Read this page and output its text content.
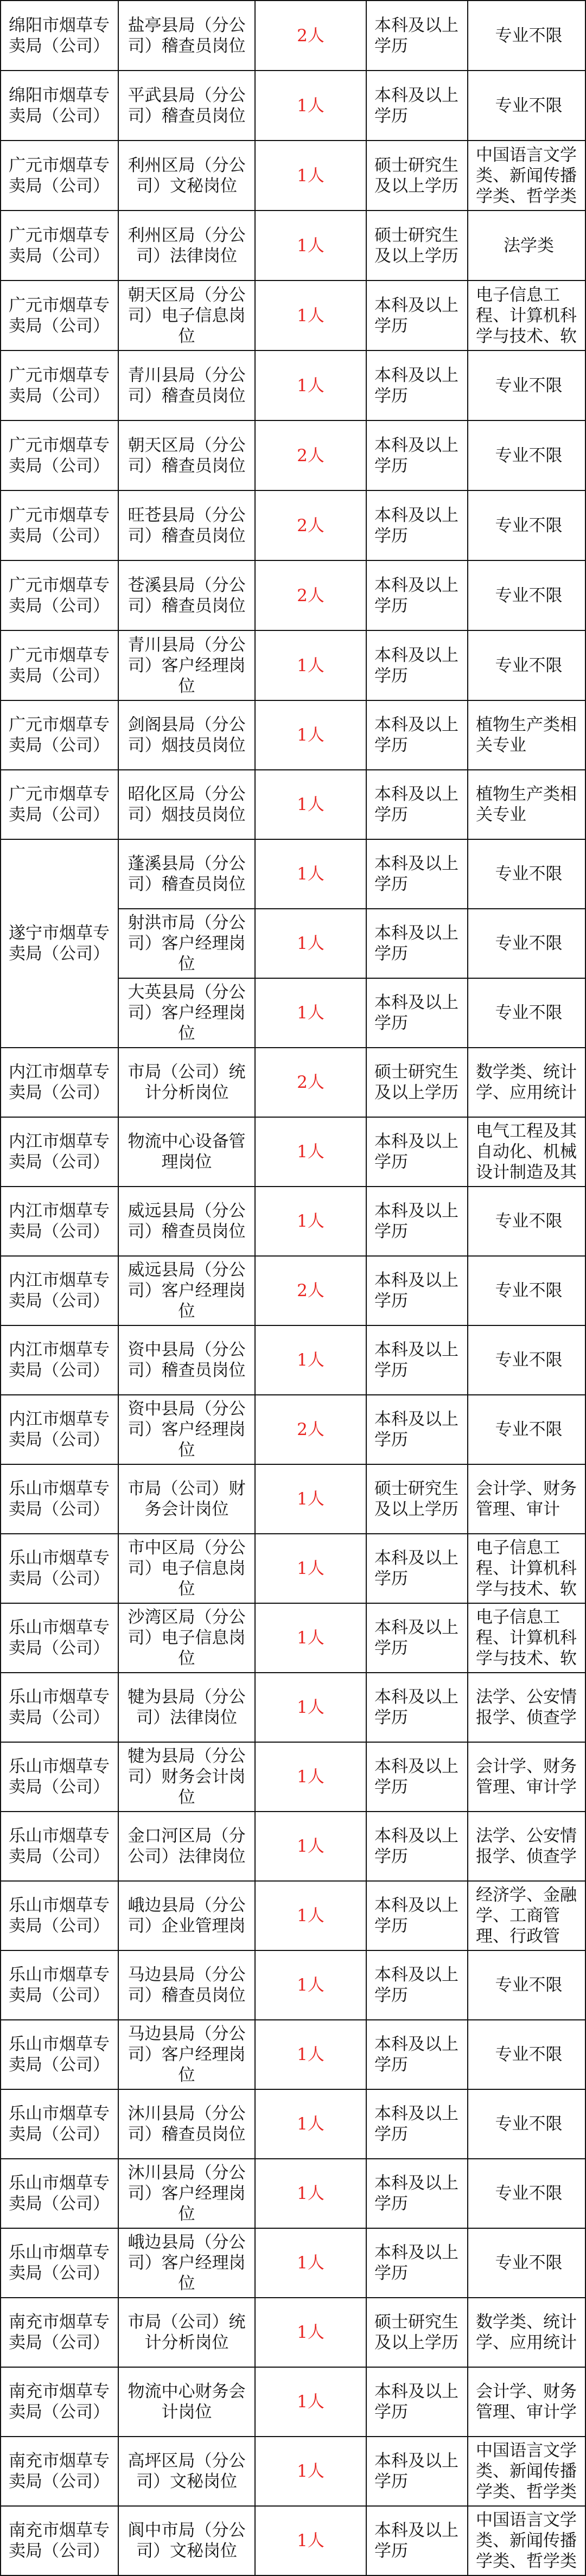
绵阳市烟草专卖局（公司）	盐亭县局（分公司）稽查员岗位	2人	本科及以上学历	专业不限

绵阳市烟草专卖局（公司）	平武县局（分公司）稽查员岗位	1人	本科及以上学历	专业不限

广元市烟草专卖局（公司）	利州区局（分公司）文秘岗位	1人	硕士研究生及以上学历	中国语言文学类、新闻传播学类、哲学类

广元市烟草专卖局（公司）	利州区局（分公司）法律岗位	1人	硕士研究生及以上学历	法学类

广元市烟草专卖局（公司）	朝天区局（分公司）电子信息岗位	1人	本科及以上学历	电子信息工程、计算机科学与技术、软

广元市烟草专卖局（公司）	青川县局（分公司）稽查员岗位	1人	本科及以上学历	专业不限

广元市烟草专卖局（公司）	朝天区局（分公司）稽查员岗位	2人	本科及以上学历	专业不限

广元市烟草专卖局（公司）	旺苍县局（分公司）稽查员岗位	2人	本科及以上学历	专业不限

广元市烟草专卖局（公司）	苍溪县局（分公司）稽查员岗位	2人	本科及以上学历	专业不限

广元市烟草专卖局（公司）	青川县局（分公司）客户经理岗位	1人	本科及以上学历	专业不限

广元市烟草专卖局（公司）	剑阁县局（分公司）烟技员岗位	1人	本科及以上学历	植物生产类相关专业

广元市烟草专卖局（公司）	昭化区局（分公司）烟技员岗位	1人	本科及以上学历	植物生产类相关专业

遂宁市烟草专卖局（公司）	蓬溪县局（分公司）稽查员岗位	1人	本科及以上学历	专业不限

	射洪市局（分公司）客户经理岗位	1人	本科及以上学历	专业不限

	大英县局（分公司）客户经理岗位	1人	本科及以上学历	专业不限

内江市烟草专卖局（公司）	市局（公司）统计分析岗位	2人	硕士研究生及以上学历	数学类、统计学、应用统计

内江市烟草专卖局（公司）	物流中心设备管理岗位	1人	本科及以上学历	电气工程及其自动化、机械设计制造及其

内江市烟草专卖局（公司）	威远县局（分公司）稽查员岗位	1人	本科及以上学历	专业不限

内江市烟草专卖局（公司）	威远县局（分公司）客户经理岗位	2人	本科及以上学历	专业不限

内江市烟草专卖局（公司）	资中县局（分公司）稽查员岗位	1人	本科及以上学历	专业不限

内江市烟草专卖局（公司）	资中县局（分公司）客户经理岗位	2人	本科及以上学历	专业不限

乐山市烟草专卖局（公司）	市局（公司）财务会计岗位	1人	硕士研究生及以上学历	会计学、财务管理、审计

乐山市烟草专卖局（公司）	市中区局（分公司）电子信息岗位	1人	本科及以上学历	电子信息工程、计算机科学与技术、软

乐山市烟草专卖局（公司）	沙湾区局（分公司）电子信息岗位	1人	本科及以上学历	电子信息工程、计算机科学与技术、软

乐山市烟草专卖局（公司）	犍为县局（分公司）法律岗位	1人	本科及以上学历	法学、公安情报学、侦查学

乐山市烟草专卖局（公司）	犍为县局（分公司）财务会计岗位	1人	本科及以上学历	会计学、财务管理、审计学

乐山市烟草专卖局（公司）	金口河区局（分公司）法律岗位	1人	本科及以上学历	法学、公安情报学、侦查学

乐山市烟草专卖局（公司）	峨边县局（分公司）企业管理岗	1人	本科及以上学历	经济学、金融学、工商管理、行政管

乐山市烟草专卖局（公司）	马边县局（分公司）稽查员岗位	1人	本科及以上学历	专业不限

乐山市烟草专卖局（公司）	马边县局（分公司）客户经理岗位	1人	本科及以上学历	专业不限

乐山市烟草专卖局（公司）	沐川县局（分公司）稽查员岗位	1人	本科及以上学历	专业不限

乐山市烟草专卖局（公司）	沐川县局（分公司）客户经理岗位	1人	本科及以上学历	专业不限

乐山市烟草专卖局（公司）	峨边县局（分公司）客户经理岗位	1人	本科及以上学历	专业不限

南充市烟草专卖局（公司）	市局（公司）统计分析岗位	1人	硕士研究生及以上学历	数学类、统计学、应用统计

南充市烟草专卖局（公司）	物流中心财务会计岗位	1人	本科及以上学历	会计学、财务管理、审计学

南充市烟草专卖局（公司）	高坪区局（分公司）文秘岗位	1人	本科及以上学历	中国语言文学类、新闻传播学类、哲学类

南充市烟草专卖局（公司）	阆中市局（分公司）文秘岗位	1人	本科及以上学历	中国语言文学类、新闻传播学类、哲学类
